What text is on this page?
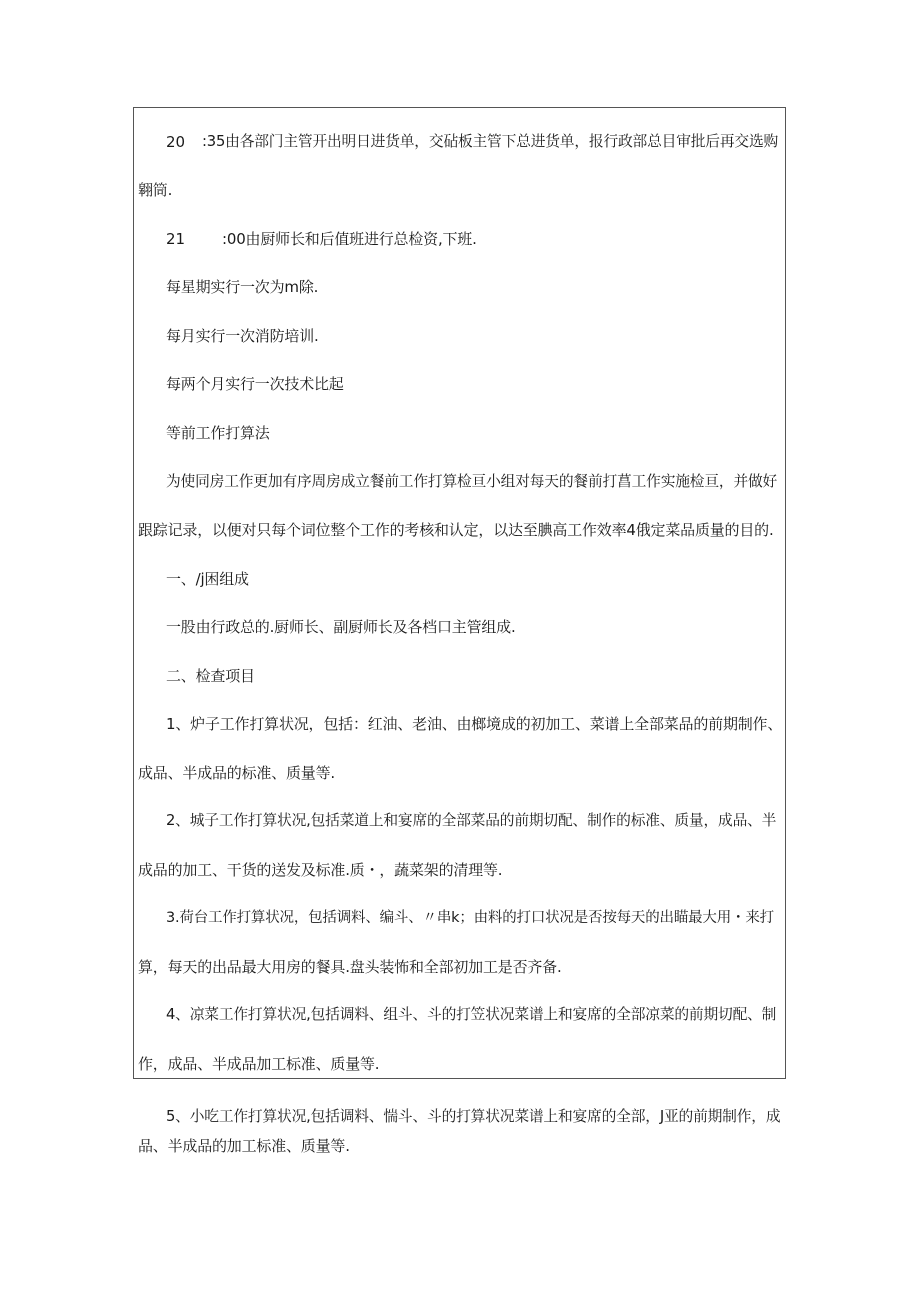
20 :35由各部门主管开出明日进货单，交砧板主管下总进货单，报行政部总目审批后再交选购
翱筒.
21 :00由厨师长和后值班进行总检资,下班.
每星期实行一次为m除.
每月实行一次消防培训.
每两个月实行一次技术比起
等前工作打算法
为使同房工作更加有序周房成立餐前工作打算检亘小组对每天的餐前打菖工作实施检亘，并做好
跟踪记录，以便对只每个词位整个工作的考核和认定，以达至腆高工作效率4俄定菜品质量的目的.
一、/j困组成
一股由行政总的.厨师长、副厨师长及各档口主管组成.
二、检查项目
1、炉子工作打算状况，包括：红油、老油、由榔境成的初加工、菜谱上全部菜品的前期制作、
成品、半成品的标准、质量等.
2、城子工作打算状况,包括菜道上和宴席的全部菜品的前期切配、制作的标准、质量，成品、半
成品的加工、干货的送发及标准.质・，蔬菜架的清理等.
3.荷台工作打算状况，包括调料、编斗、〃串k；由料的打口状况是否按每天的出瞄最大用・来打
算，每天的出品最大用房的餐具.盘头装怖和全部初加工是否齐备.
4、凉菜工作打算状况,包括调料、组斗、斗的打笠状况菜谱上和宴席的全部凉菜的前期切配、制
作，成品、半成品加工标准、质量等.
5、小吃工作打算状况,包括调料、惴斗、斗的打算状况菜谱上和宴席的全部，J亚的前期制作，成
品、半成品的加工标准、质量等.
